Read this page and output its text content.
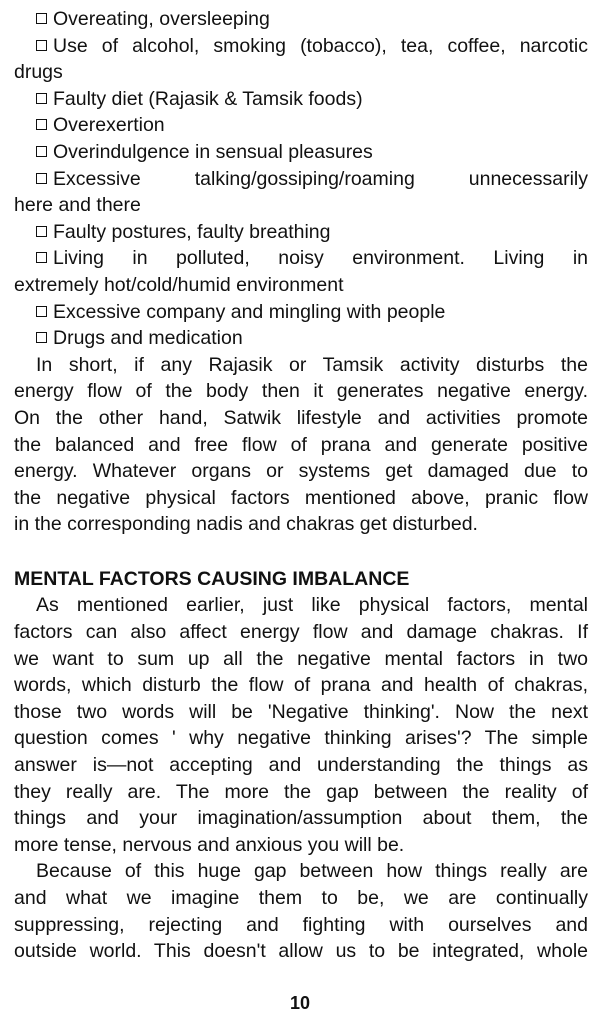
Overeating, oversleeping
Use of alcohol, smoking (tobacco), tea, coffee, narcotic
drugs
Faulty diet (Rajasik & Tamsik foods)
Overexertion
Overindulgence in sensual pleasures
Excessive talking/gossiping/roaming unnecessarily
here and there
Faulty postures, faulty breathing
Living in polluted, noisy environment. Living in
extremely hot/cold/humid environment
Excessive company and mingling with people
Drugs and medication
In short, if any Rajasik or Tamsik activity disturbs the
energy flow of the body then it generates negative energy.
On the other hand, Satwik lifestyle and activities promote
the balanced and free flow of prana and generate positive
energy. Whatever organs or systems get damaged due to
the negative physical factors mentioned above, pranic flow
in the corresponding nadis and chakras get disturbed.
MENTAL FACTORS CAUSING IMBALANCE
As mentioned earlier, just like physical factors, mental
factors can also affect energy flow and damage chakras. If
we want to sum up all the negative mental factors in two
words, which disturb the flow of prana and health of chakras,
those two words will be 'Negative thinking'. Now the next
question comes ' why negative thinking arises'? The simple
answer is—not accepting and understanding the things as
they really are. The more the gap between the reality of
things and your imagination/assumption about them, the
more tense, nervous and anxious you will be.
Because of this huge gap between how things really are
and what we imagine them to be, we are continually
suppressing, rejecting and fighting with ourselves and
outside world. This doesn't allow us to be integrated, whole
10
